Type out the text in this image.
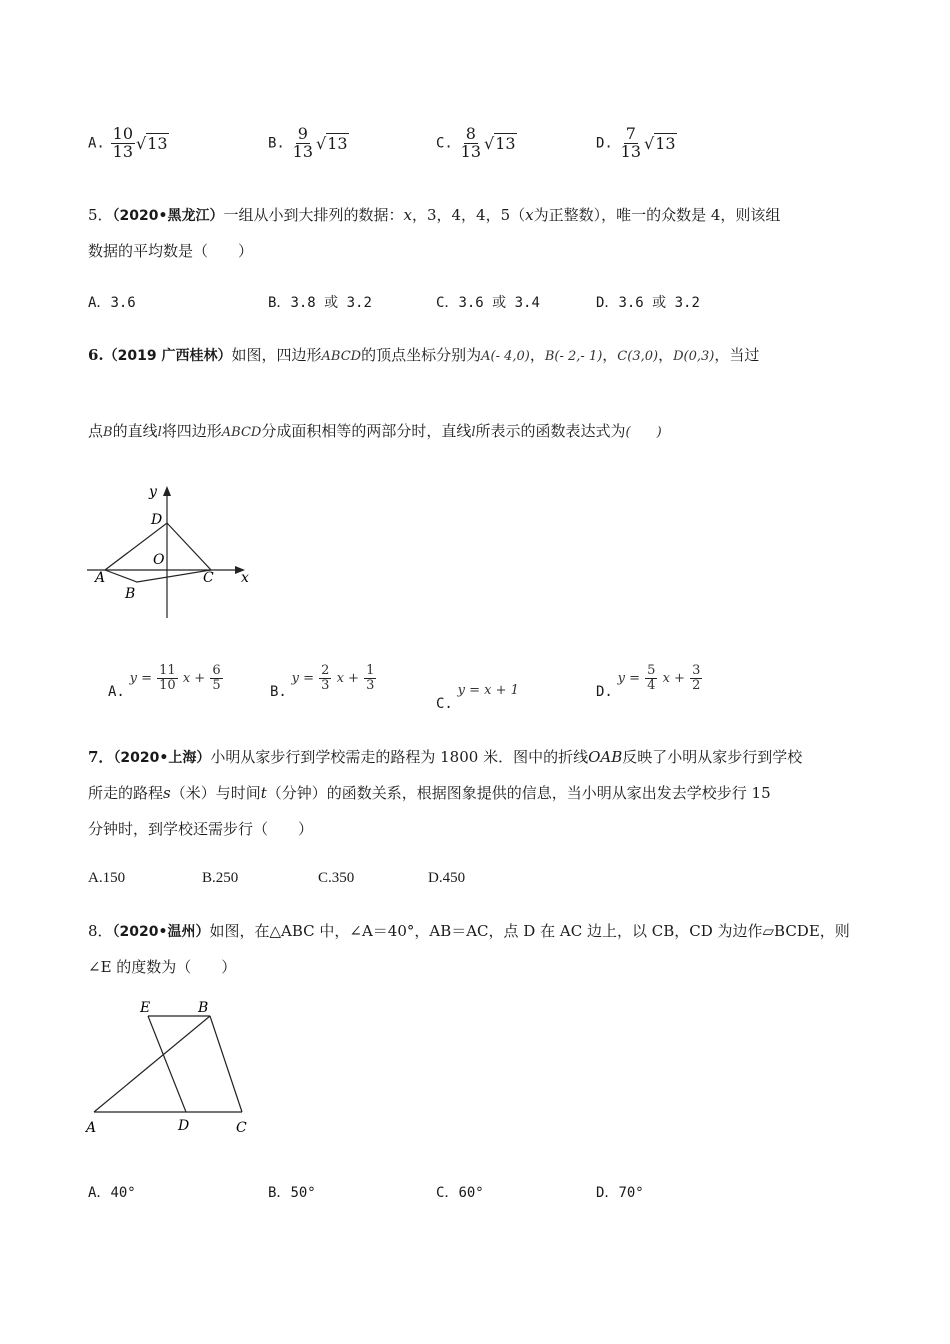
A. $\frac{10}{13}$ √ 13	B. $\frac{9}{13}$ √ 13	C. $\frac{8}{13}$ √ 13	D. $\frac{7}{13}$ √ 13
5．（2020•黑龙江）一组从小到大排列的数据：x，3，4，4，5（x为正整数），唯一的众数是 4，则该组
数据的平均数是（　　）
A．3.6	B．3.8 或 3.2	C．3.6 或 3.4	D．3.6 或 3.2
6.（2019 广西桂林）如图，四边形ABCD的顶点坐标分别为A(- 4,0)，B(- 2,- 1)，C(3,0)，D(0,3)，当过
点B的直线l将四边形ABCD分成面积相等的两部分时，直线l所表示的函数表达式为(　　)
y
x
D
O
A
B
C
A.
y =
$\frac{11}{10}$
x +
$\frac{6}{5}$	B.
y =
$\frac{2}{3}$
x +
$\frac{1}{3}$
C. y = x + 1	D.
y =
$\frac{5}{4}$
x +
$\frac{3}{2}$
7．（2020•上海）小明从家步行到学校需走的路程为 1800 米．图中的折线OAB反映了小明从家步行到学校
所走的路程s（米）与时间t（分钟）的函数关系，根据图象提供的信息，当小明从家出发去学校步行 15
分钟时，到学校还需步行（　　）
A.150	B.250	C.350	D.450
8．（2020•温州）如图，在△ABC 中，∠A＝40°，AB＝AC，点 D 在 AC 边上，以 CB，CD 为边作▱BCDE，则
∠E 的度数为（　　）
E	B
A	D	C
A．40°	B．50°	C．60°	D．70°
